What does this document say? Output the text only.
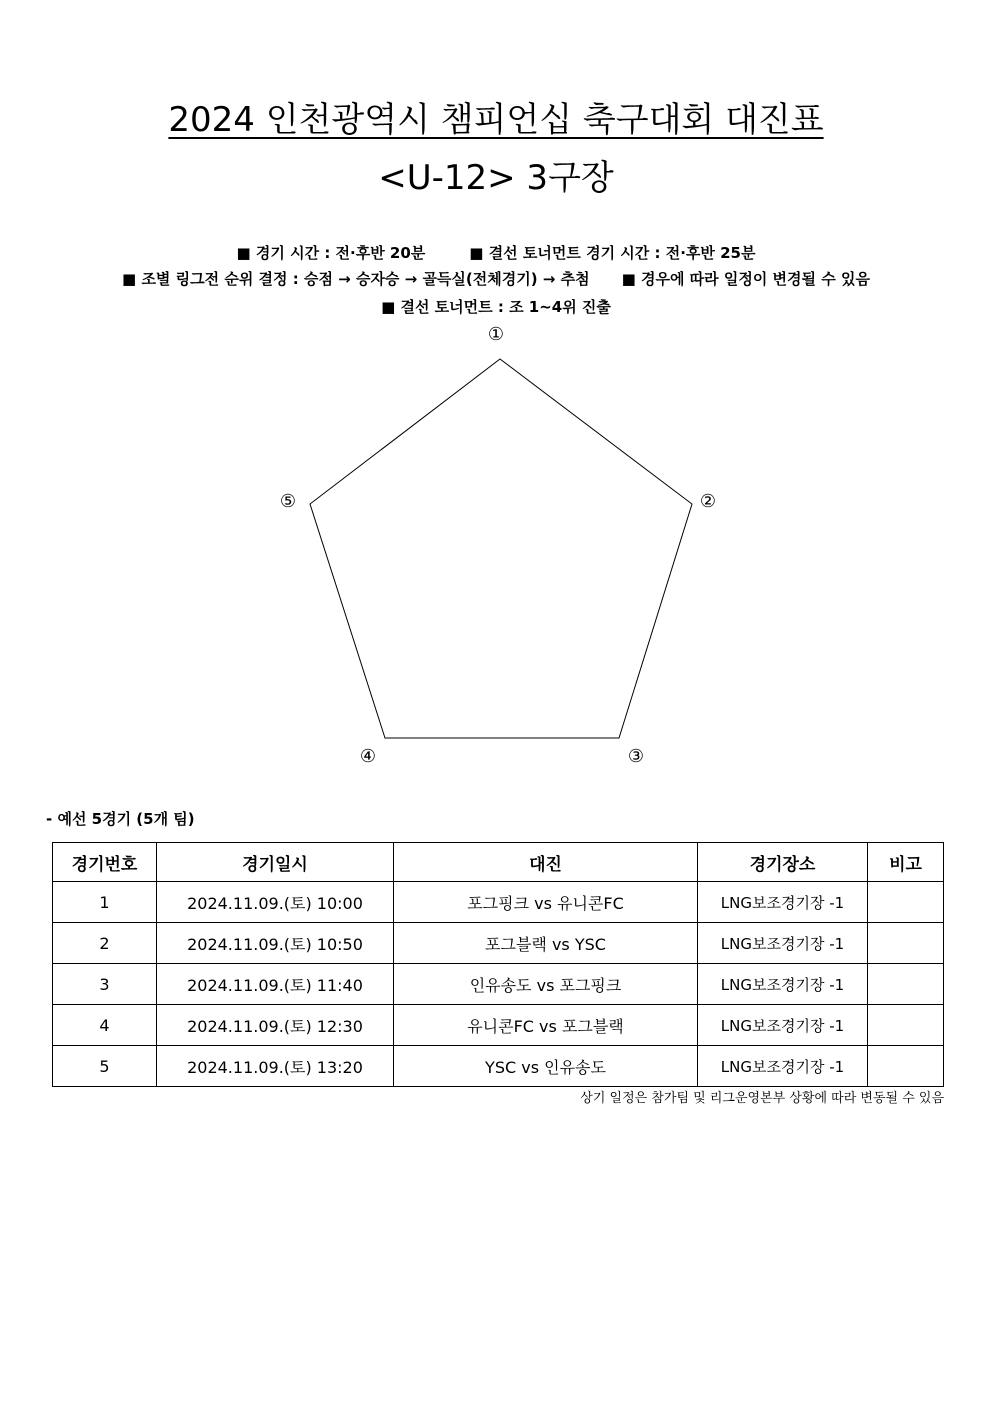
2024 인천광역시 챔피언십 축구대회 대진표
<U-12> 3구장
■ 경기 시간 : 전·후반 20분	■ 결선 토너먼트 경기 시간 : 전·후반 25분
■ 조별 링그전 순위 결정 : 승점 → 승자승 → 골득실(전체경기) → 추첨 ■ 경우에 따라 일정이 변경될 수 있음
■ 결선 토너먼트 : 조 1~4위 진출
①
②
③
④
⑤
- 예선 5경기 (5개 팀)
경기번호	경기일시	대진	경기장소	비고
1	2024.11.09.(토) 10:00	포그핑크 vs 유니콘FC	LNG보조경기장 -1	
2	2024.11.09.(토) 10:50	포그블랙 vs YSC	LNG보조경기장 -1	
3	2024.11.09.(토) 11:40	인유송도 vs 포그핑크	LNG보조경기장 -1	
4	2024.11.09.(토) 12:30	유니콘FC vs 포그블랙	LNG보조경기장 -1	
5	2024.11.09.(토) 13:20	YSC vs 인유송도	LNG보조경기장 -1	
상기 일정은 참가팀 및 리그운영본부 상황에 따라 변동될 수 있음
